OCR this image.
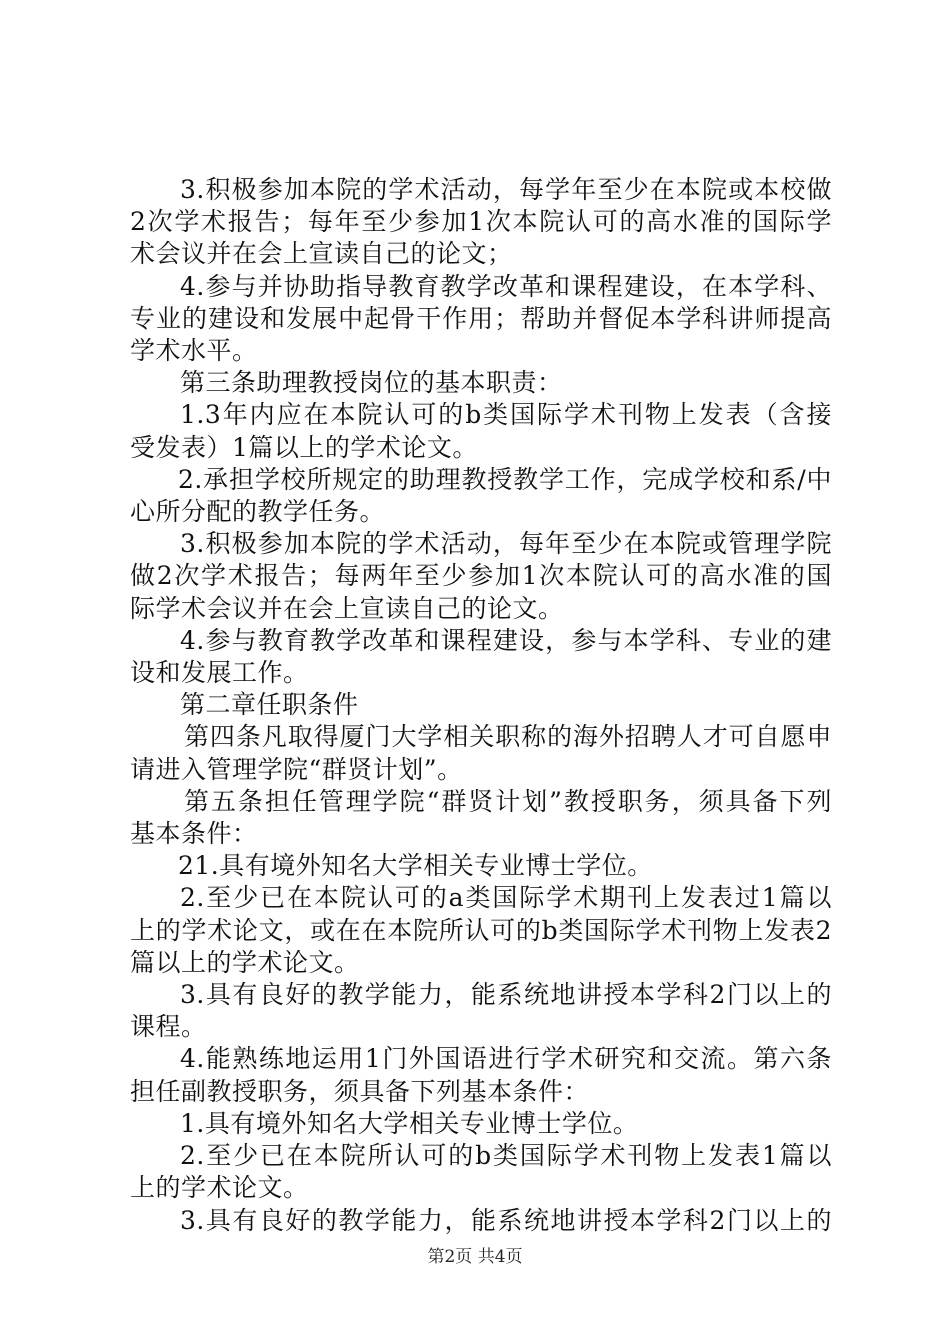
3.积极参加本院的学术活动，每学年至少在本院或本校做
2次学术报告；每年至少参加1次本院认可的高水准的国际学
术会议并在会上宣读自己的论文；
4.参与并协助指导教育教学改革和课程建设，在本学科、
专业的建设和发展中起骨干作用；帮助并督促本学科讲师提高
学术水平。
第三条助理教授岗位的基本职责：
1.3年内应在本院认可的b类国际学术刊物上发表（含接
受发表）1篇以上的学术论文。
2.承担学校所规定的助理教授教学工作，完成学校和系/中
心所分配的教学任务。
3.积极参加本院的学术活动，每年至少在本院或管理学院
做2次学术报告；每两年至少参加1次本院认可的高水准的国
际学术会议并在会上宣读自己的论文。
4.参与教育教学改革和课程建设，参与本学科、专业的建
设和发展工作。
第二章任职条件
第四条凡取得厦门大学相关职称的海外招聘人才可自愿申
请进入管理学院“群贤计划”。
第五条担任管理学院“群贤计划”教授职务，须具备下列
基本条件：
21.具有境外知名大学相关专业博士学位。
2.至少已在本院认可的a类国际学术期刊上发表过1篇以
上的学术论文，或在在本院所认可的b类国际学术刊物上发表2
篇以上的学术论文。
3.具有良好的教学能力，能系统地讲授本学科2门以上的
课程。
4.能熟练地运用1门外国语进行学术研究和交流。第六条
担任副教授职务，须具备下列基本条件：
1.具有境外知名大学相关专业博士学位。
2.至少已在本院所认可的b类国际学术刊物上发表1篇以
上的学术论文。
3.具有良好的教学能力，能系统地讲授本学科2门以上的
第2页 共4页
